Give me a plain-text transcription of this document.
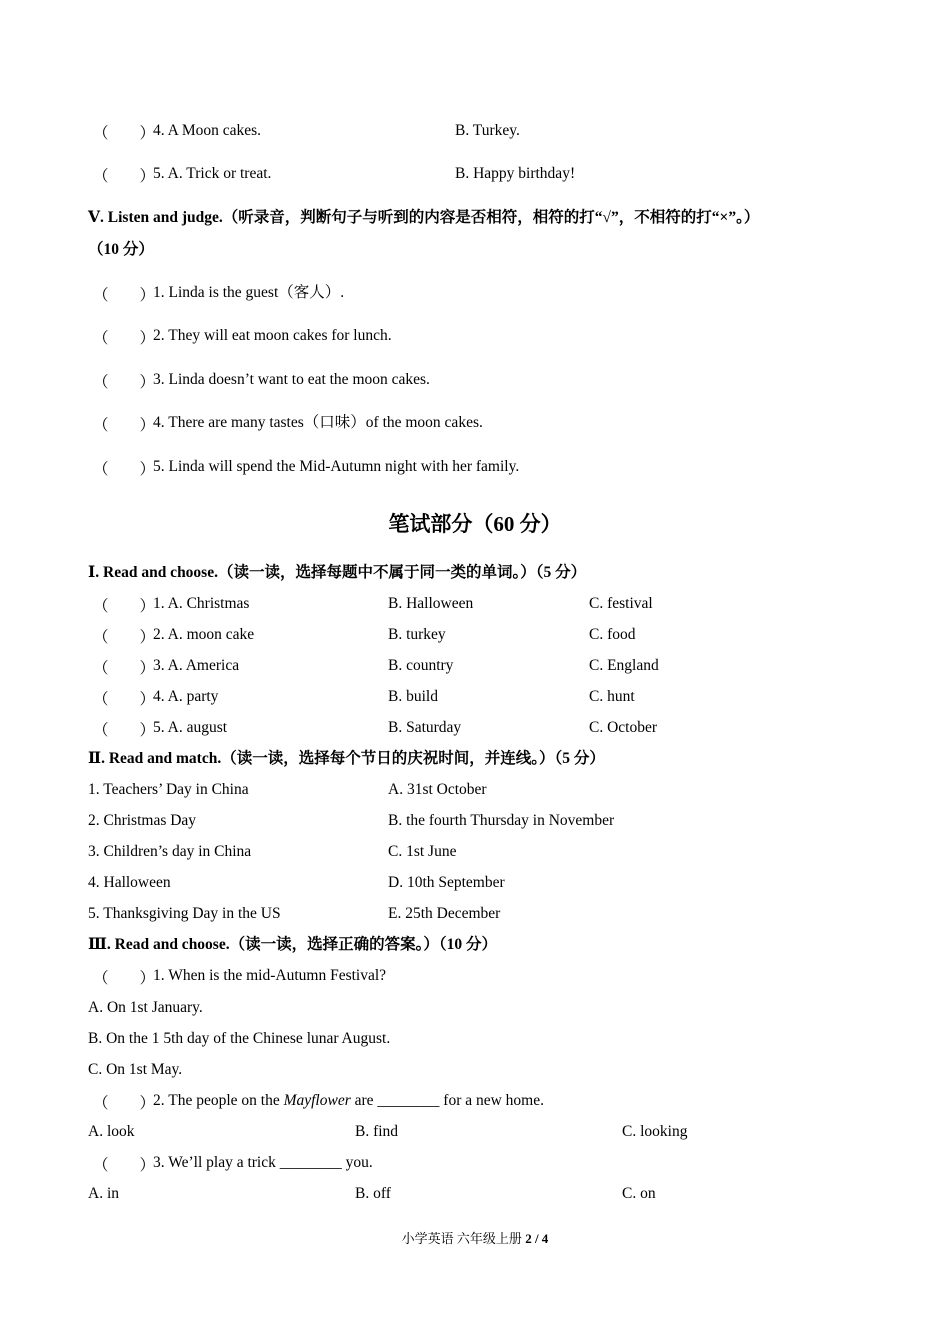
（　　）
4. A Moon cakes.	B. Turkey.
（　　）
5. A. Trick or treat.	B. Happy birthday!
Ⅴ. Listen and judge.（听录音，判断句子与听到的内容是否相符，相符的打“√”，不相符的打“×”。）
（10 分）
（　　）
1. Linda is the guest（客人）.
（　　）
2. They will eat moon cakes for lunch.
（　　）
3. Linda doesn’t want to eat the moon cakes.
（　　）
4. There are many tastes（口味）of the moon cakes.
（　　）
5. Linda will spend the Mid-Autumn night with her family.
笔试部分（60 分）
Ⅰ. Read and choose.（读一读，选择每题中不属于同一类的单词。）（5 分）
（　　）
1. A. Christmas	B. Halloween	C. festival
（　　）
2. A. moon cake	B. turkey	C. food
（　　）
3. A. America	B. country	C. England
（　　）
4. A. party	B. build	C. hunt
（　　）
5. A. august	B. Saturday	C. October
Ⅱ. Read and match.（读一读，选择每个节日的庆祝时间，并连线。）（5 分）
1. Teachers’ Day in China	A. 31st October
2. Christmas Day	B. the fourth Thursday in November
3. Children’s day in China	C. 1st June
4. Halloween	D. 10th September
5. Thanksgiving Day in the US	E. 25th December
Ⅲ. Read and choose.（读一读，选择正确的答案。）（10 分）
（　　）
1. When is the mid-Autumn Festival?
A. On 1st January.
B. On the 1 5th day of the Chinese lunar August.
C. On 1st May.
（　　）
2. The people on the Mayflower are ________ for a new home.
A. look	B. find	C. looking
（　　）
3. We’ll play a trick ________ you.
A. in	B. off	C. on
小学英语 六年级上册 2 / 4
